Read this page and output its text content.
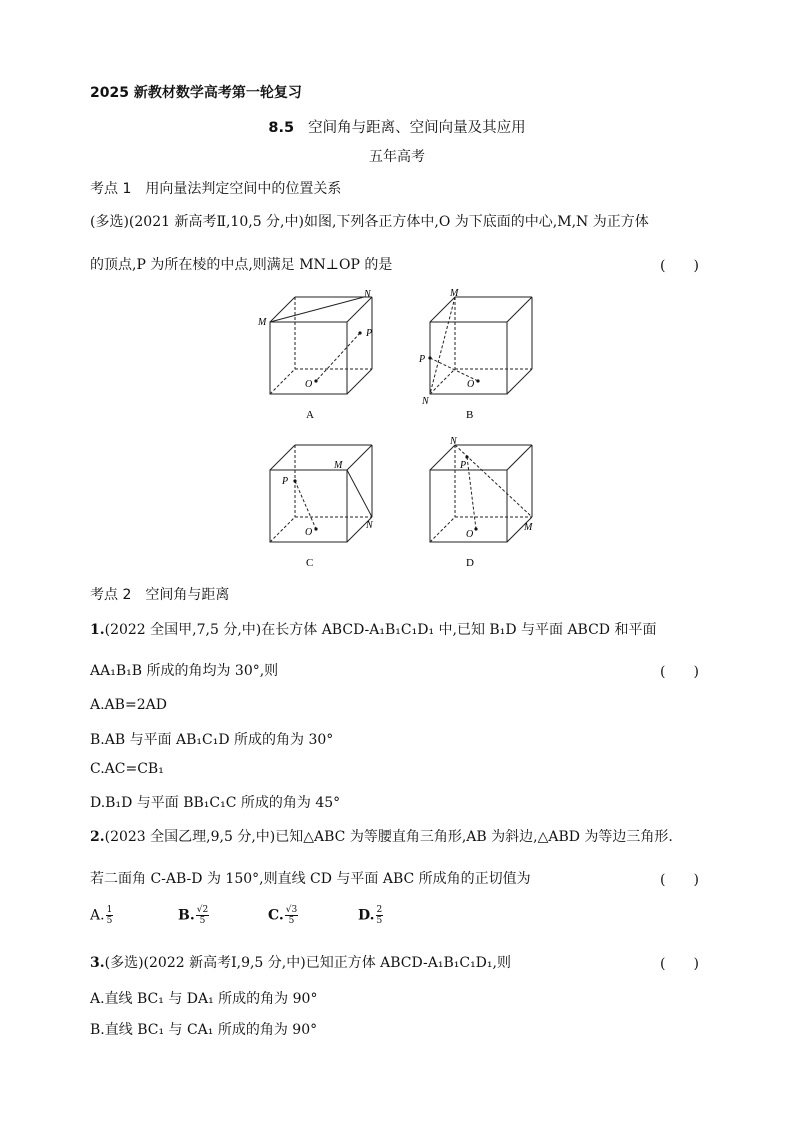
2025 新教材数学高考第一轮复习
8.5 空间角与距离、空间向量及其应用
五年高考
考点 1 用向量法判定空间中的位置关系
(多选)(2021 新高考Ⅱ,10,5 分,中)如图,下列各正方体中,O 为下底面的中心,M,N 为正方体
的顶点,P 为所在棱的中点,则满足 MN⊥OP 的是	(　　)
M
N
P
O
A
M
N
P
O
B
M
N
P
O
C
N
M
P
O
D
考点 2 空间角与距离
1.(2022 全国甲,7,5 分,中)在长方体 ABCD-A₁B₁C₁D₁ 中,已知 B₁D 与平面 ABCD 和平面
AA₁B₁B 所成的角均为 30°,则	(　　)
A.AB=2AD
B.AB 与平面 AB₁C₁D 所成的角为 30°
C.AC=CB₁
D.B₁D 与平面 BB₁C₁C 所成的角为 45°
2.(2023 全国乙理,9,5 分,中)已知△ABC 为等腰直角三角形,AB 为斜边,△ABD 为等边三角形.
若二面角 C-AB-D 为 150°,则直线 CD 与平面 ABC 所成角的正切值为	(　　)
A. $\frac{1}{5}$	B. $\frac{√2}{5}$	C. $\frac{√3}{5}$	D. $\frac{2}{5}$
3.(多选)(2022 新高考Ⅰ,9,5 分,中)已知正方体 ABCD-A₁B₁C₁D₁,则	(　　)
A.直线 BC₁ 与 DA₁ 所成的角为 90°
B.直线 BC₁ 与 CA₁ 所成的角为 90°
